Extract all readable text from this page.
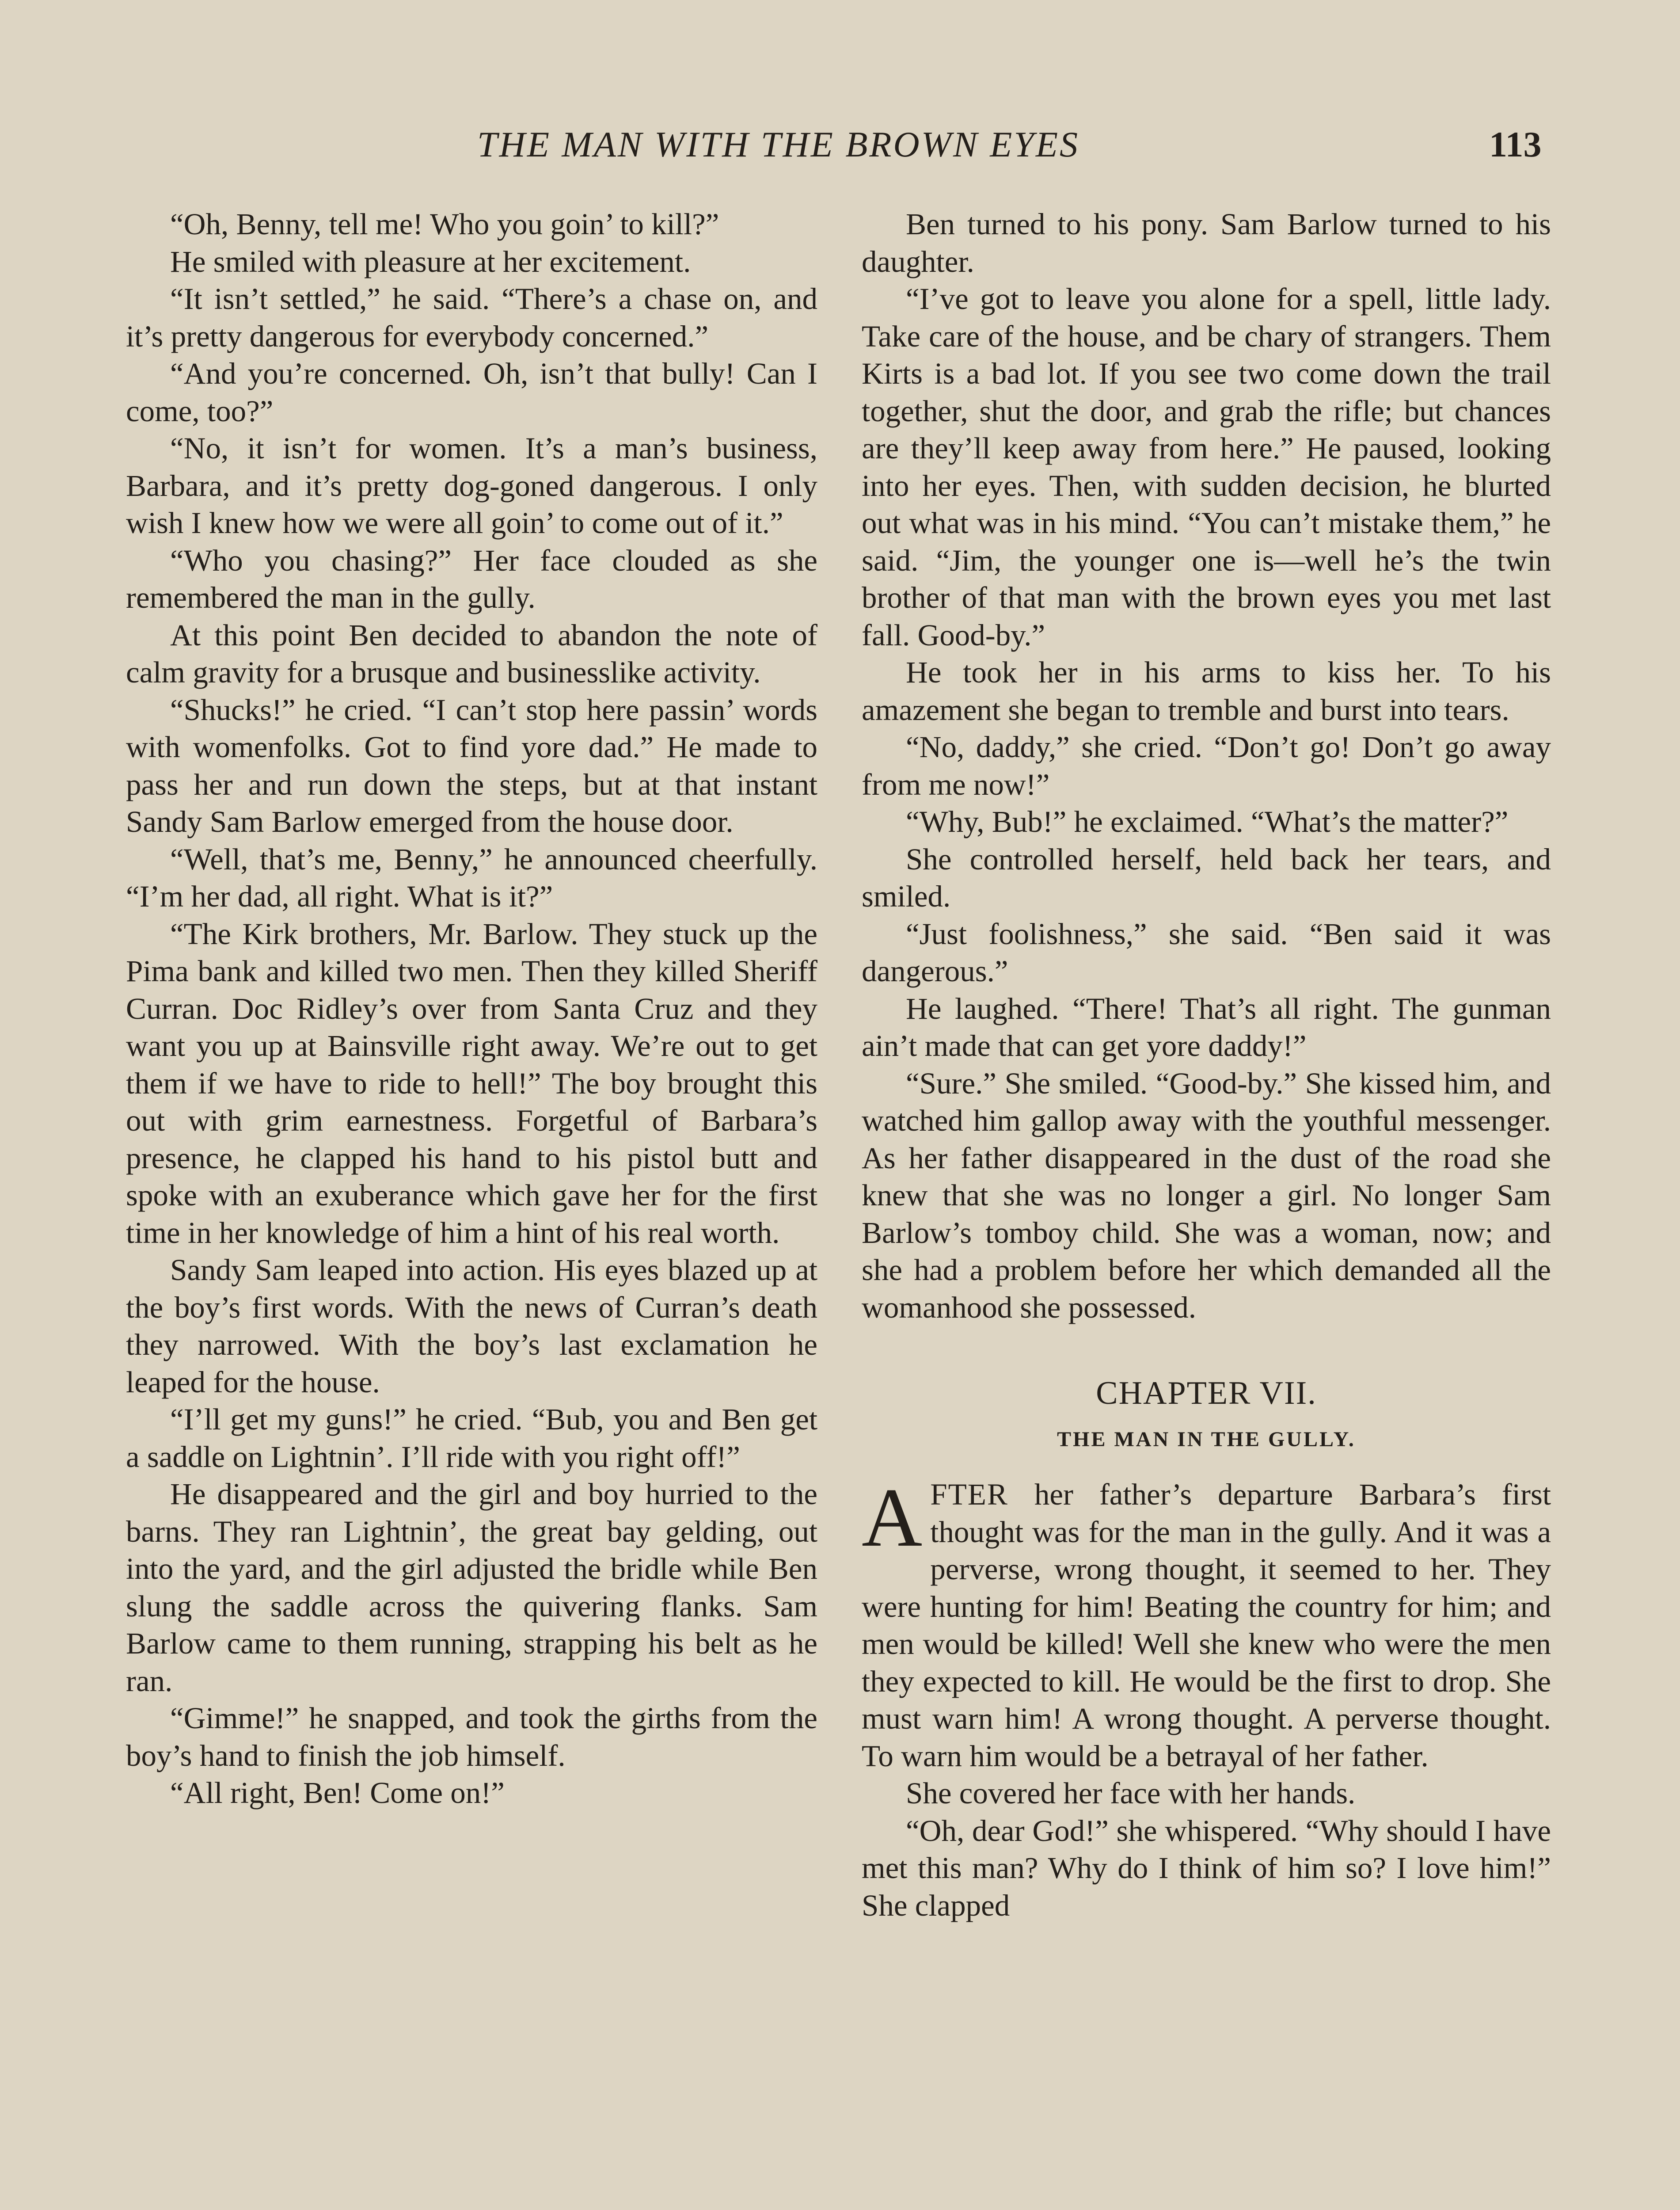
THE MAN WITH THE BROWN EYES	113

“Oh, Benny, tell me! Who you goin’ to kill?”

He smiled with pleasure at her excitement.

“It isn’t settled,” he said. “There’s a chase on, and it’s pretty dangerous for everybody concerned.”

“And you’re concerned. Oh, isn’t that bully! Can I come, too?”

“No, it isn’t for women. It’s a man’s business, Barbara, and it’s pretty dog-goned dangerous. I only wish I knew how we were all goin’ to come out of it.”

“Who you chasing?” Her face clouded as she remembered the man in the gully.

At this point Ben decided to abandon the note of calm gravity for a brusque and businesslike activity.

“Shucks!” he cried. “I can’t stop here passin’ words with womenfolks. Got to find yore dad.” He made to pass her and run down the steps, but at that instant Sandy Sam Barlow emerged from the house door.

“Well, that’s me, Benny,” he announced cheerfully. “I’m her dad, all right. What is it?”

“The Kirk brothers, Mr. Barlow. They stuck up the Pima bank and killed two men. Then they killed Sheriff Curran. Doc Ridley’s over from Santa Cruz and they want you up at Bainsville right away. We’re out to get them if we have to ride to hell!” The boy brought this out with grim earnestness. Forgetful of Barbara’s presence, he clapped his hand to his pistol butt and spoke with an exuberance which gave her for the first time in her knowledge of him a hint of his real worth.

Sandy Sam leaped into action. His eyes blazed up at the boy’s first words. With the news of Curran’s death they narrowed. With the boy’s last exclamation he leaped for the house.

“I’ll get my guns!” he cried. “Bub, you and Ben get a saddle on Lightnin’. I’ll ride with you right off!”

He disappeared and the girl and boy hurried to the barns. They ran Lightnin’, the great bay gelding, out into the yard, and the girl adjusted the bridle while Ben slung the saddle across the quivering flanks. Sam Barlow came to them running, strapping his belt as he ran.

“Gimme!” he snapped, and took the girths from the boy’s hand to finish the job himself.

“All right, Ben! Come on!”

Ben turned to his pony. Sam Barlow turned to his daughter.

“I’ve got to leave you alone for a spell, little lady. Take care of the house, and be chary of strangers. Them Kirts is a bad lot. If you see two come down the trail together, shut the door, and grab the rifle; but chances are they’ll keep away from here.” He paused, looking into her eyes. Then, with sudden decision, he blurted out what was in his mind. “You can’t mistake them,” he said. “Jim, the younger one is—well he’s the twin brother of that man with the brown eyes you met last fall. Good-by.”

He took her in his arms to kiss her. To his amazement she began to tremble and burst into tears.

“No, daddy,” she cried. “Don’t go! Don’t go away from me now!”

“Why, Bub!” he exclaimed. “What’s the matter?”

She controlled herself, held back her tears, and smiled.

“Just foolishness,” she said. “Ben said it was dangerous.”

He laughed. “There! That’s all right. The gunman ain’t made that can get yore daddy!”

“Sure.” She smiled. “Good-by.” She kissed him, and watched him gallop away with the youthful messenger. As her father disappeared in the dust of the road she knew that she was no longer a girl. No longer Sam Barlow’s tomboy child. She was a woman, now; and she had a problem before her which demanded all the womanhood she possessed.

CHAPTER VII.
THE MAN IN THE GULLY.

AFTER her father’s departure Barbara’s first thought was for the man in the gully. And it was a perverse, wrong thought, it seemed to her. They were hunting for him! Beating the country for him; and men would be killed! Well she knew who were the men they expected to kill. He would be the first to drop. She must warn him! A wrong thought. A perverse thought. To warn him would be a betrayal of her father.

She covered her face with her hands.

“Oh, dear God!” she whispered. “Why should I have met this man? Why do I think of him so? I love him!” She clapped
